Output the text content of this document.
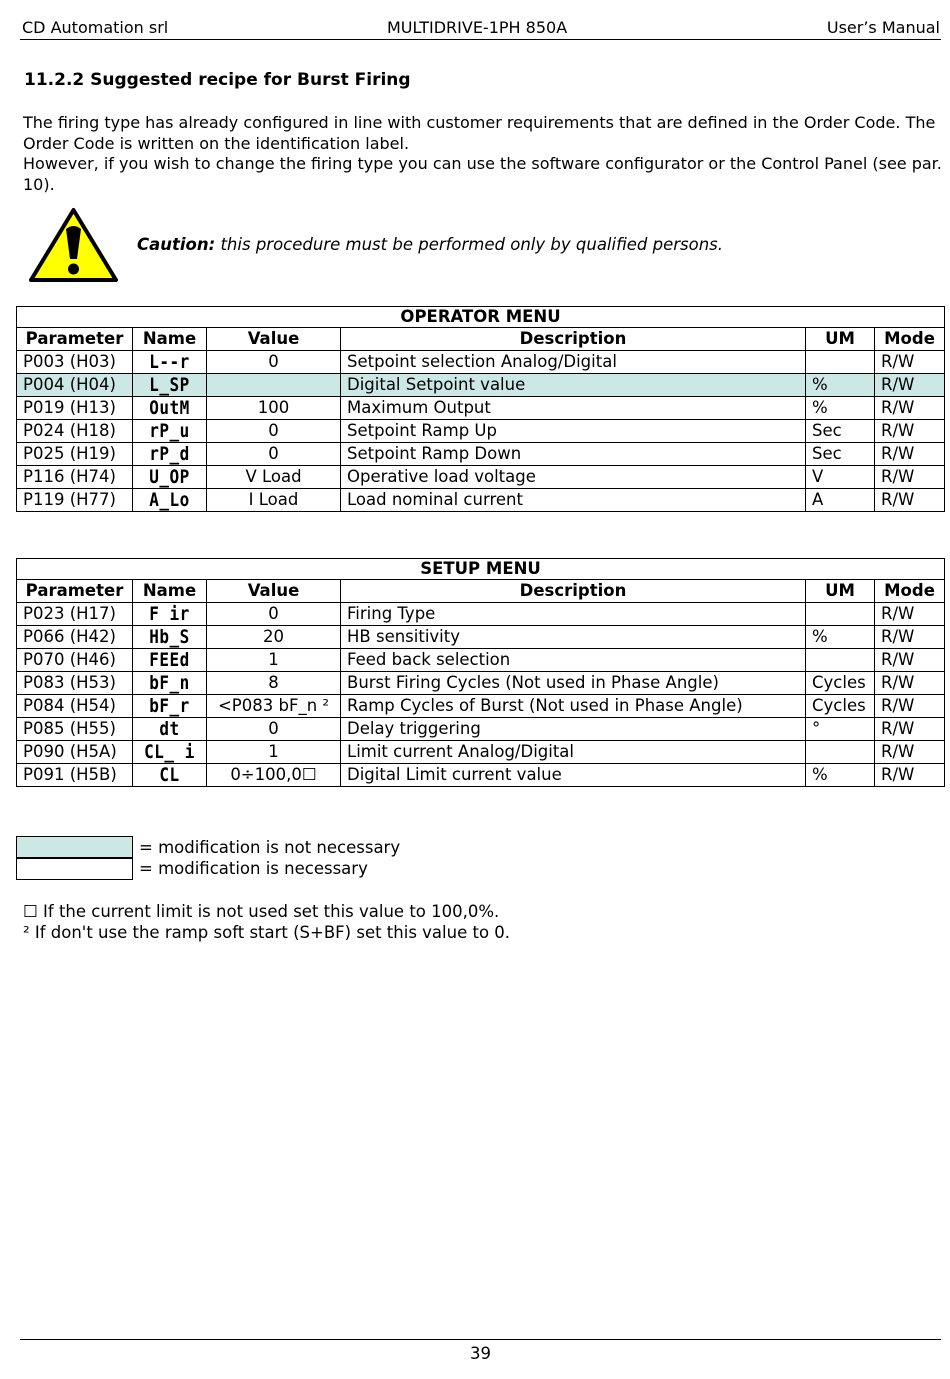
CD Automation srl	MULTIDRIVE-1PH 850A	User’s Manual
11.2.2 Suggested recipe for Burst Firing
The firing type has already configured in line with customer requirements that are defined in the Order Code. The Order Code is written on the identification label.
However, if you wish to change the firing type you can use the software configurator or the Control Panel (see par. 10).
Caution: this procedure must be performed only by qualified persons.
OPERATOR MENU					
Parameter	Name	Value	Description	UM	Mode
P003 (H03)	L--r	0	Setpoint selection Analog/Digital		R/W
P004 (H04)	L_SP		Digital Setpoint value	%	R/W
P019 (H13)	OutM	100	Maximum Output	%	R/W
P024 (H18)	rP_u	0	Setpoint Ramp Up	Sec	R/W
P025 (H19)	rP_d	0	Setpoint Ramp Down	Sec	R/W
P116 (H74)	U_OP	V Load	Operative load voltage	V	R/W
P119 (H77)	A_Lo	I Load	Load nominal current	A	R/W
SETUP MENU					
Parameter	Name	Value	Description	UM	Mode
P023 (H17)	F ir	0	Firing Type		R/W
P066 (H42)	Hb_S	20	HB sensitivity	%	R/W
P070 (H46)	FEEd	1	Feed back selection		R/W
P083 (H53)	bF_n	8	Burst Firing Cycles (Not used in Phase Angle)	Cycles	R/W
P084 (H54)	bF_r	<P083 bF_n ²	Ramp Cycles of Burst (Not used in Phase Angle)	Cycles	R/W
P085 (H55)	dt	0	Delay triggering	°	R/W
P090 (H5A)	CL_ i	1	Limit current Analog/Digital		R/W
P091 (H5B)	CL	0÷100,0☐	Digital Limit current value	%	R/W
= modification is not necessary
= modification is necessary
☐ If the current limit is not used set this value to 100,0%.
² If don't use the ramp soft start (S+BF) set this value to 0.
39
